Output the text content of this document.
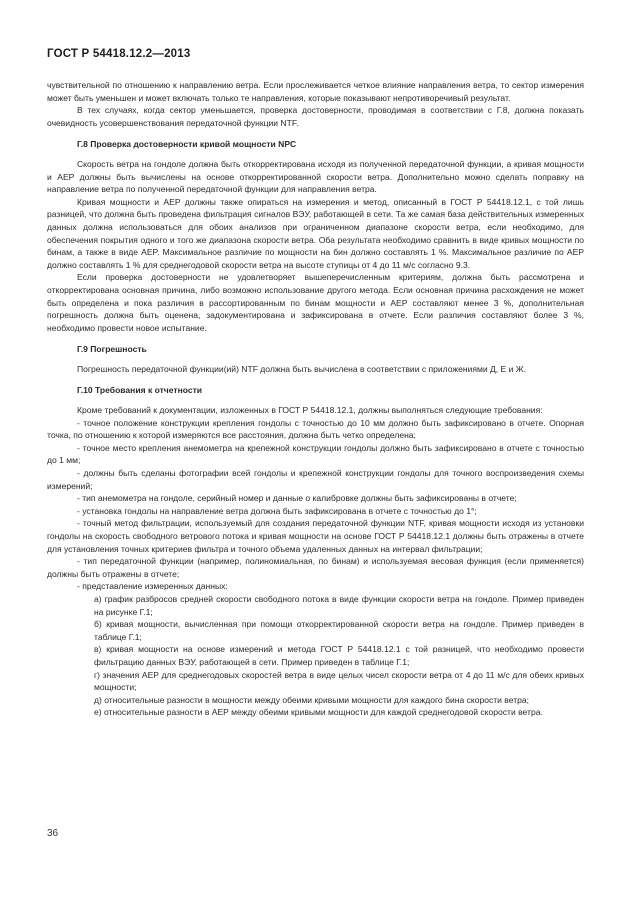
ГОСТ Р 54418.12.2—2013

чувствительной по отношению к направлению ветра. Если прослеживается четкое влияние направления ветра, то сектор измерения может быть уменьшен и может включать только те направления, которые показывают непротиворечивый результат.

В тех случаях, когда сектор уменьшается, проверка достоверности, проводимая в соответствии с Г.8, должна показать очевидность усовершенствования передаточной функции NTF.

Г.8 Проверка достоверности кривой мощности NPC

Скорость ветра на гондоле должна быть откорректирована исходя из полученной передаточной функции, а кривая мощности и AEP должны быть вычислены на основе откорректированной скорости ветра. Дополнительно можно сделать поправку на направление ветра по полученной передаточной функции для направления ветра.

Кривая мощности и AEP должны также опираться на измерения и метод, описанный в ГОСТ Р 54418.12.1, с той лишь разницей, что должна быть проведена фильтрация сигналов ВЭУ, работающей в сети. Та же самая база действительных измеренных данных должна использоваться для обоих анализов при ограниченном диапазоне скорости ветра, если необходимо, для обеспечения покрытия одного и того же диапазона скорости ветра. Оба результата необходимо сравнить в виде кривых мощности по бинам, а также в виде AEP. Максимальное различие по мощности на бин должно составлять 1 %. Максимальное различие по AEP должно составлять 1 % для среднегодовой скорости ветра на высоте ступицы от 4 до 11 м/с согласно 9.3.

Если проверка достоверности не удовлетворяет вышеперечисленным критериям, должна быть рассмотрена и откорректирована основная причина, либо возможно использование другого метода. Если основная причина расхождения не может быть определена и пока различия в рассортированным по бинам мощности и AEP составляют менее 3 %, дополнительная погрешность должна быть оценена, задокументирована и зафиксирована в отчете. Если различия составляют более 3 %, необходимо провести новое испытание.

Г.9 Погрешность

Погрешность передаточной функции(ий) NTF должна быть вычислена в соответствии с приложениями Д, Е и Ж.

Г.10 Требования к отчетности

Кроме требований к документации, изложенных в ГОСТ Р 54418.12.1, должны выполняться следующие требования:

- точное положение конструкции крепления гондолы с точностью до 10 мм должно быть зафиксировано в отчете. Опорная точка, по отношению к которой измеряются все расстояния, должна быть четко определена;

- точное место крепления анемометра на крепежной конструкции гондолы должно быть зафиксировано в отчете с точностью до 1 мм;

- должны быть сделаны фотографии всей гондолы и крепежной конструкции гондолы для точного воспроизведения схемы измерений;

- тип анемометра на гондоле, серийный номер и данные о калибровке должны быть зафиксированы в отчете;

- установка гондолы на направление ветра должна быть зафиксирована в отчете с точностью до 1°;

- точный метод фильтрации, используемый для создания передаточной функции NTF, кривая мощности исходя из установки гондолы на скорость свободного ветрового потока и кривая мощности на основе ГОСТ Р 54418.12.1 должны быть отражены в отчете для установления точных критериев фильтра и точного объема удаленных данных на интервал фильтрации;

- тип передаточной функции (например, полиномиальная, по бинам) и используемая весовая функция (если применяется) должны быть отражены в отчете;

- представление измеренных данных:

а) график разбросов средней скорости свободного потока в виде функции скорости ветра на гондоле. Пример приведен на рисунке Г.1;

б) кривая мощности, вычисленная при помощи откорректированной скорости ветра на гондоле. Пример приведен в таблице Г.1;

в) кривая мощности на основе измерений и метода ГОСТ Р 54418.12.1 с той разницей, что необходимо провести фильтрацию данных ВЭУ, работающей в сети. Пример приведен в таблице Г.1;

г) значения AEP для среднегодовых скоростей ветра в виде целых чисел скорости ветра от 4 до 11 м/с для обеих кривых мощности;

д) относительные разности в мощности между обеими кривыми мощности для каждого бина скорости ветра;

е) относительные разности в AEP между обеими кривыми мощности для каждой среднегодовой скорости ветра.

36
